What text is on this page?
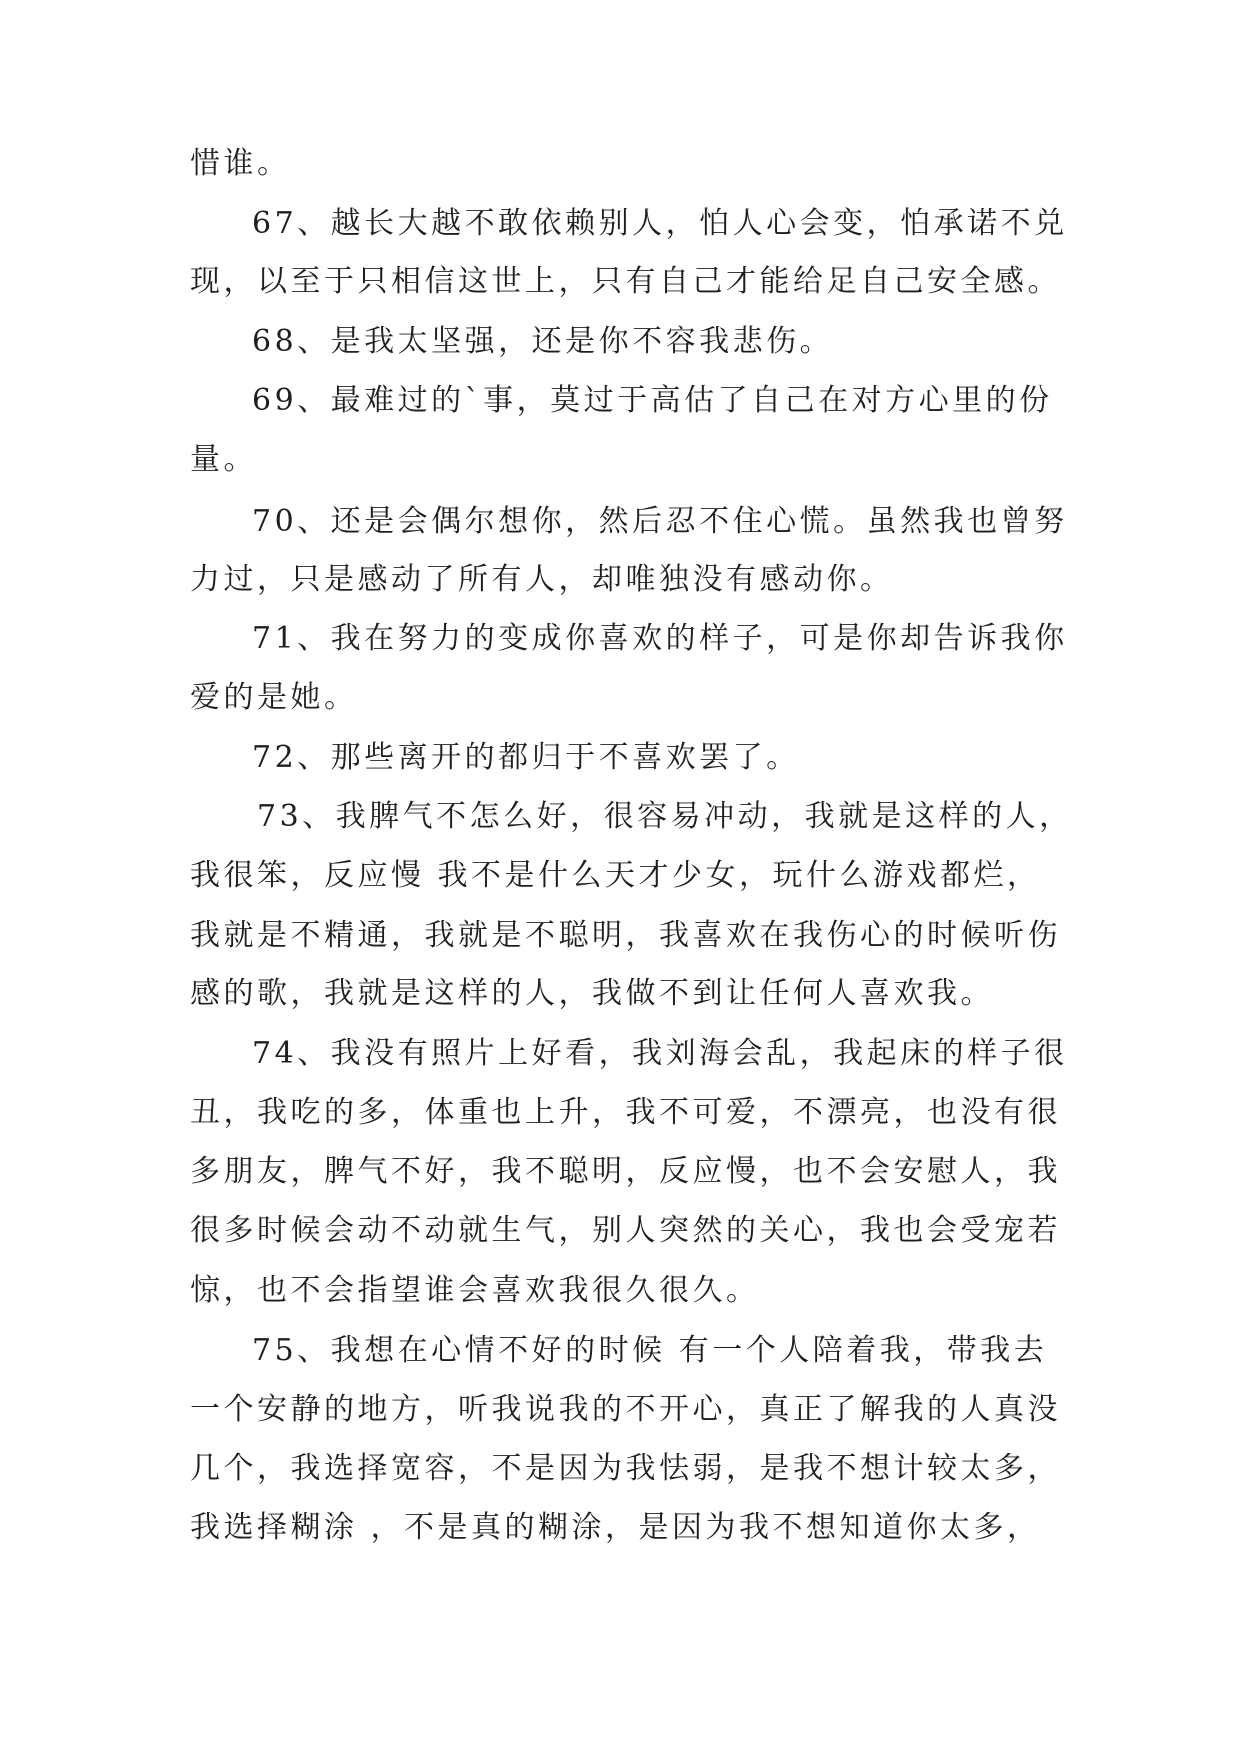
惜谁。
67、越长大越不敢依赖别人，怕人心会变，怕承诺不兑
现，以至于只相信这世上，只有自己才能给足自己安全感。
68、是我太坚强，还是你不容我悲伤。
69、最难过的`事，莫过于高估了自己在对方心里的份
量。
70、还是会偶尔想你，然后忍不住心慌。虽然我也曾努
力过，只是感动了所有人，却唯独没有感动你。
71、我在努力的变成你喜欢的样子，可是你却告诉我你
爱的是她。
72、那些离开的都归于不喜欢罢了。
73、我脾气不怎么好，很容易冲动，我就是这样的人，
我很笨，反应慢 我不是什么天才少女，玩什么游戏都烂，
我就是不精通，我就是不聪明，我喜欢在我伤心的时候听伤
感的歌，我就是这样的人，我做不到让任何人喜欢我。
74、我没有照片上好看，我刘海会乱，我起床的样子很
丑，我吃的多，体重也上升，我不可爱，不漂亮，也没有很
多朋友，脾气不好，我不聪明，反应慢，也不会安慰人，我
很多时候会动不动就生气，别人突然的关心，我也会受宠若
惊，也不会指望谁会喜欢我很久很久。
75、我想在心情不好的时候 有一个人陪着我，带我去
一个安静的地方，听我说我的不开心，真正了解我的人真没
几个，我选择宽容，不是因为我怯弱，是我不想计较太多，
我选择糊涂 ，不是真的糊涂，是因为我不想知道你太多，
